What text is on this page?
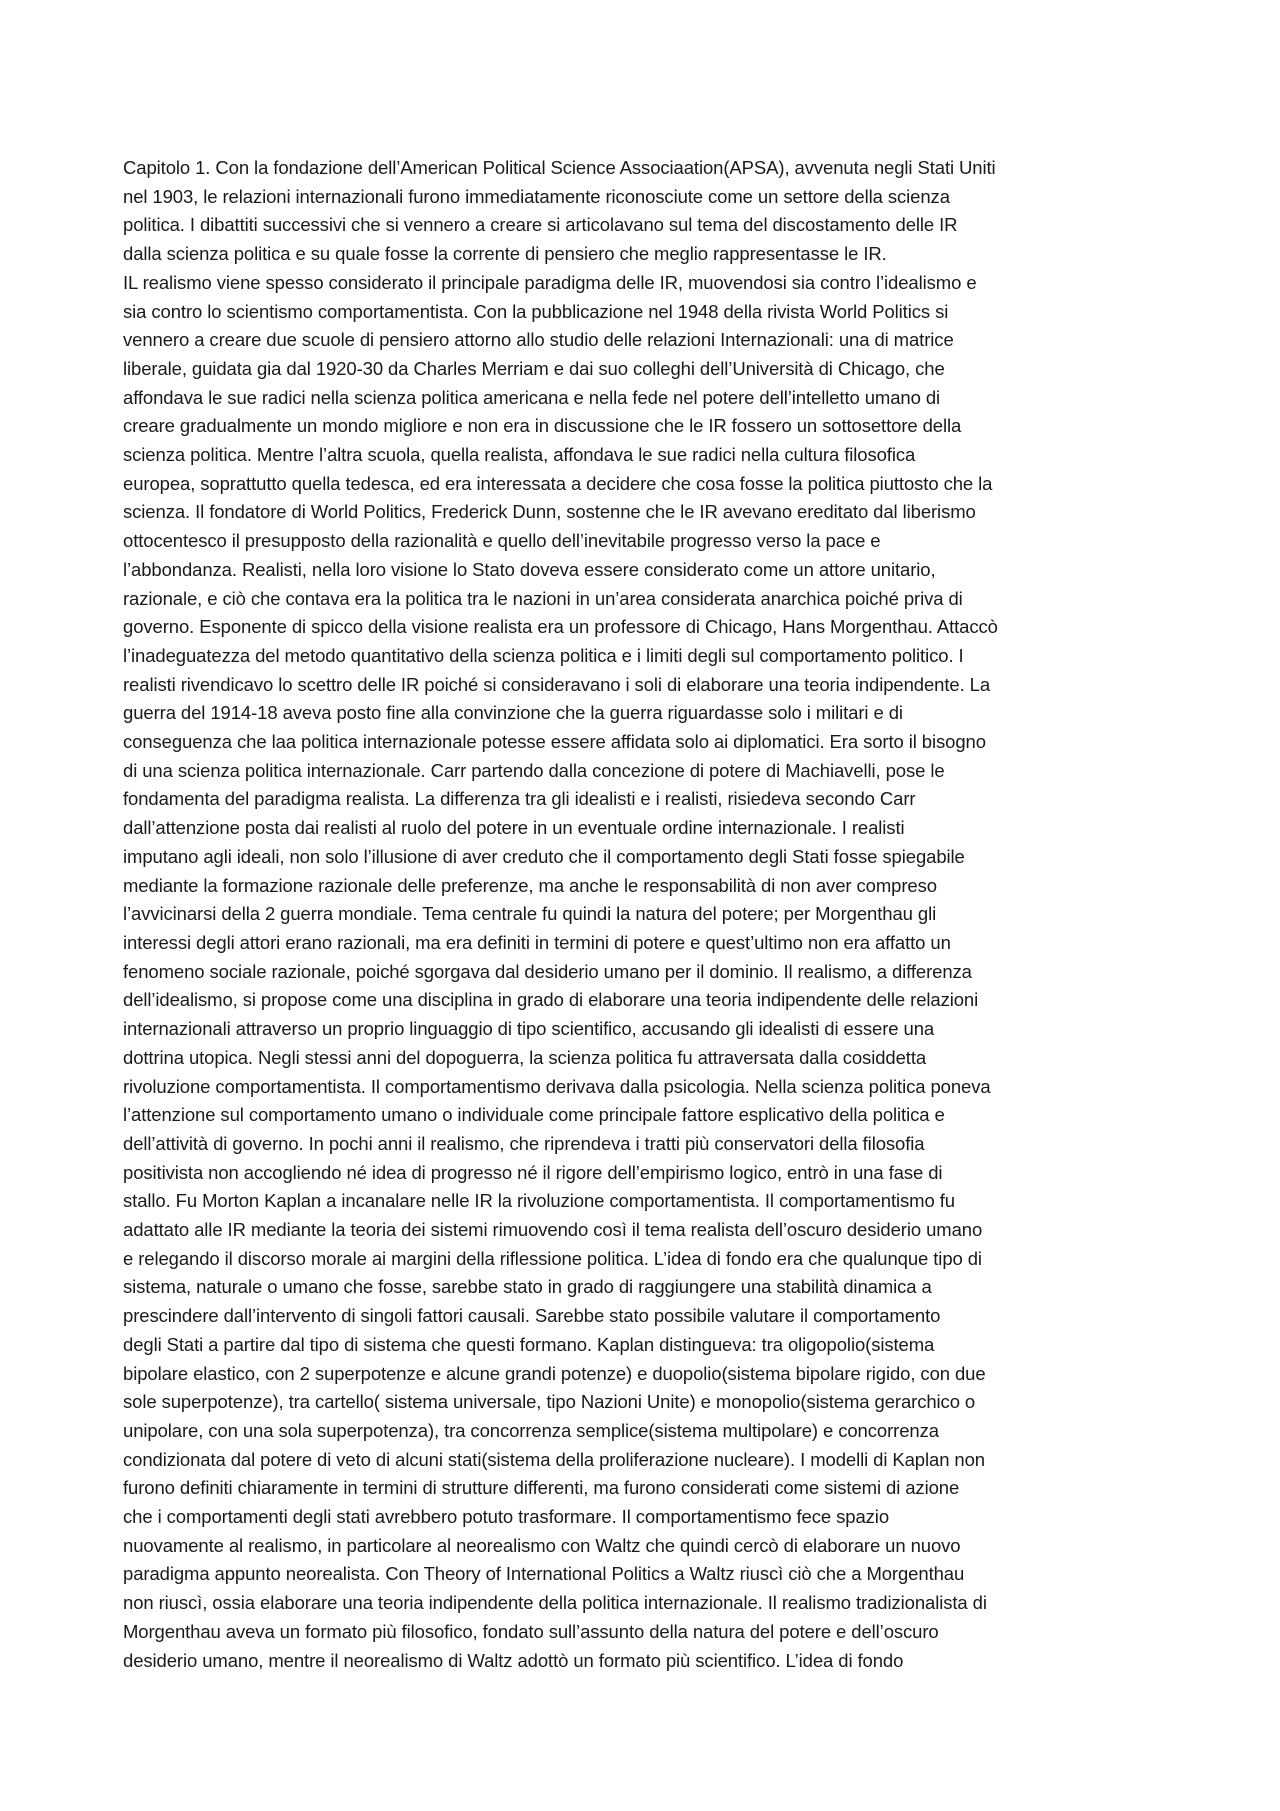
Capitolo 1. Con la fondazione dell’American Political Science Associaation(APSA), avvenuta negli Stati Uniti
nel 1903, le relazioni internazionali furono immediatamente riconosciute come un settore della scienza
politica. I dibattiti successivi che si vennero a creare si articolavano sul tema del discostamento delle IR
dalla scienza politica e su quale fosse la corrente di pensiero che meglio rappresentasse le IR.
IL realismo viene spesso considerato il principale paradigma delle IR, muovendosi sia contro l’idealismo e
sia contro lo scientismo comportamentista. Con la pubblicazione nel 1948 della rivista World Politics si
vennero a creare due scuole di pensiero attorno allo studio delle relazioni Internazionali: una di matrice
liberale, guidata gia dal 1920-30 da Charles Merriam e dai suo colleghi dell’Università di Chicago, che
affondava le sue radici nella scienza politica americana e nella fede nel potere dell’intelletto umano di
creare gradualmente un mondo migliore e non era in discussione che le IR fossero un sottosettore della
scienza politica. Mentre l’altra scuola, quella realista, affondava le sue radici nella cultura filosofica
europea, soprattutto quella tedesca, ed era interessata a decidere che cosa fosse la politica piuttosto che la
scienza. Il fondatore di World Politics, Frederick Dunn, sostenne che le IR avevano ereditato dal liberismo
ottocentesco il presupposto della razionalità e quello dell’inevitabile progresso verso la pace e
l’abbondanza. Realisti, nella loro visione lo Stato doveva essere considerato come un attore unitario,
razionale, e ciò che contava era la politica tra le nazioni in un’area considerata anarchica poiché priva di
governo. Esponente di spicco della visione realista era un professore di Chicago, Hans Morgenthau. Attaccò
l’inadeguatezza del metodo quantitativo della scienza politica e i limiti degli sul comportamento politico. I
realisti rivendicavo lo scettro delle IR poiché si consideravano i soli di elaborare una teoria indipendente. La
guerra del 1914-18 aveva posto fine alla convinzione che la guerra riguardasse solo i militari e di
conseguenza che laa politica internazionale potesse essere affidata solo ai diplomatici. Era sorto il bisogno
di una scienza politica internazionale. Carr partendo dalla concezione di potere di Machiavelli, pose le
fondamenta del paradigma realista. La differenza tra gli idealisti e i realisti, risiedeva secondo Carr
dall’attenzione posta dai realisti al ruolo del potere in un eventuale ordine internazionale. I realisti
imputano agli ideali, non solo l’illusione di aver creduto che il comportamento degli Stati fosse spiegabile
mediante la formazione razionale delle preferenze, ma anche le responsabilità di non aver compreso
l’avvicinarsi della 2 guerra mondiale. Tema centrale fu quindi la natura del potere; per Morgenthau gli
interessi degli attori erano razionali, ma era definiti in termini di potere e quest’ultimo non era affatto un
fenomeno sociale razionale, poiché sgorgava dal desiderio umano per il dominio. Il realismo, a differenza
dell’idealismo, si propose come una disciplina in grado di elaborare una teoria indipendente delle relazioni
internazionali attraverso un proprio linguaggio di tipo scientifico, accusando gli idealisti di essere una
dottrina utopica. Negli stessi anni del dopoguerra, la scienza politica fu attraversata dalla cosiddetta
rivoluzione comportamentista. Il comportamentismo derivava dalla psicologia. Nella scienza politica poneva
l’attenzione sul comportamento umano o individuale come principale fattore esplicativo della politica e
dell’attività di governo. In pochi anni il realismo, che riprendeva i tratti più conservatori della filosofia
positivista non accogliendo né idea di progresso né il rigore dell’empirismo logico, entrò in una fase di
stallo. Fu Morton Kaplan a incanalare nelle IR la rivoluzione comportamentista. Il comportamentismo fu
adattato alle IR mediante la teoria dei sistemi rimuovendo così il tema realista dell’oscuro desiderio umano
e relegando il discorso morale ai margini della riflessione politica. L’idea di fondo era che qualunque tipo di
sistema, naturale o umano che fosse, sarebbe stato in grado di raggiungere una stabilità dinamica a
prescindere dall’intervento di singoli fattori causali. Sarebbe stato possibile valutare il comportamento
degli Stati a partire dal tipo di sistema che questi formano. Kaplan distingueva: tra oligopolio(sistema
bipolare elastico, con 2 superpotenze e alcune grandi potenze) e duopolio(sistema bipolare rigido, con due
sole superpotenze), tra cartello( sistema universale, tipo Nazioni Unite) e monopolio(sistema gerarchico o
unipolare, con una sola superpotenza), tra concorrenza semplice(sistema multipolare) e concorrenza
condizionata dal potere di veto di alcuni stati(sistema della proliferazione nucleare). I modelli di Kaplan non
furono definiti chiaramente in termini di strutture differenti, ma furono considerati come sistemi di azione
che i comportamenti degli stati avrebbero potuto trasformare. Il comportamentismo fece spazio
nuovamente al realismo, in particolare al neorealismo con Waltz che quindi cercò di elaborare un nuovo
paradigma appunto neorealista. Con Theory of International Politics a Waltz riuscì ciò che a Morgenthau
non riuscì, ossia elaborare una teoria indipendente della politica internazionale. Il realismo tradizionalista di
Morgenthau aveva un formato più filosofico, fondato sull’assunto della natura del potere e dell’oscuro
desiderio umano, mentre il neorealismo di Waltz adottò un formato più scientifico. L’idea di fondo
